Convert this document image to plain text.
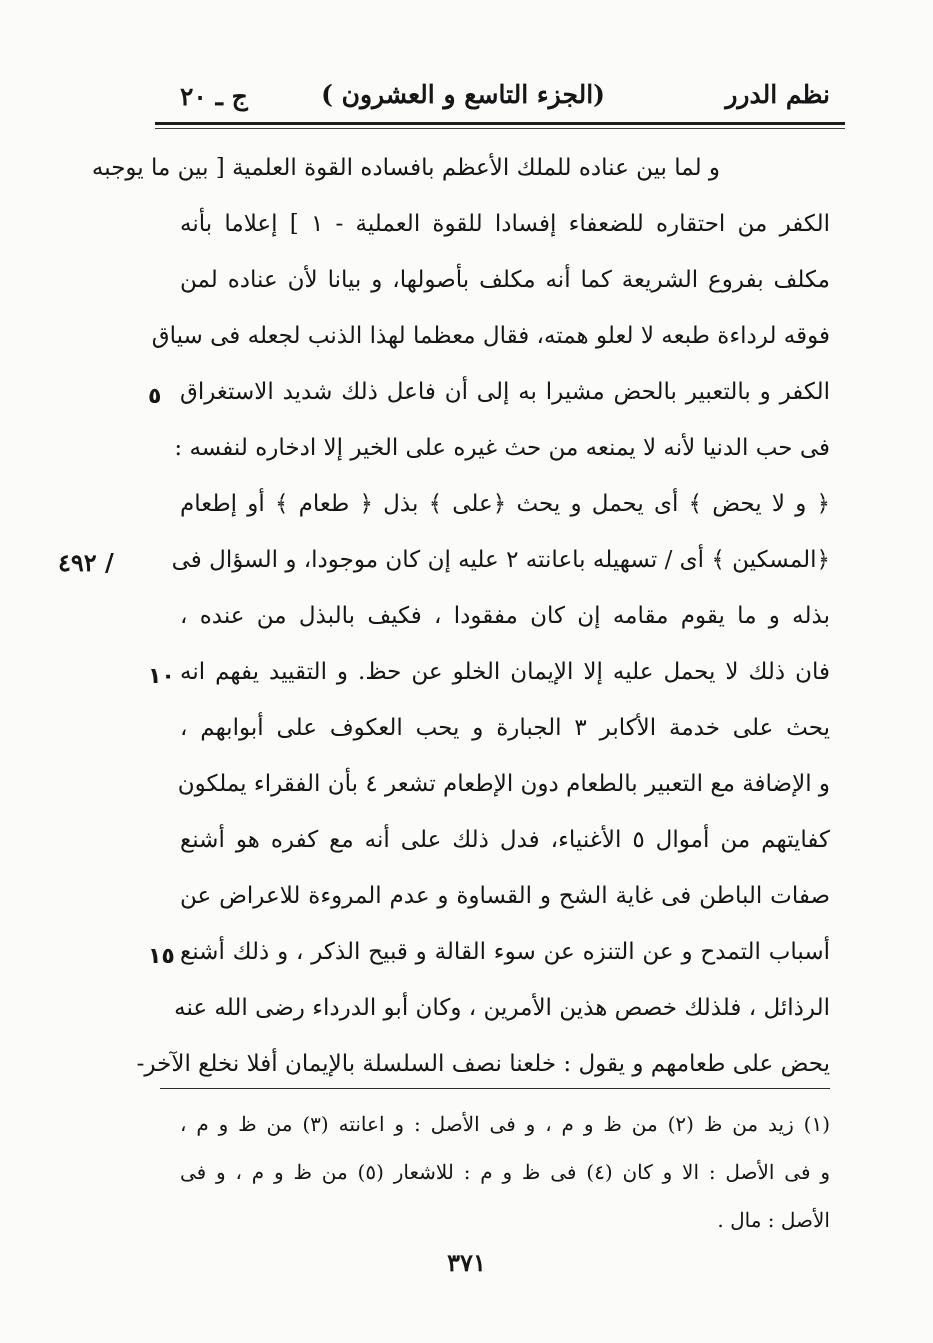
نظم الدرر
(الجزء التاسع و العشرون )
ج ـ ٢٠
و لما بين عناده للملك الأعظم بافساده القوة العلمية [ بين ما يوجبه
الكفر من احتقاره للضعفاء إفسادا للقوة العملية - ١ ] إعلاما بأنه
مكلف بفروع الشريعة كما أنه مكلف بأصولها، و بيانا لأن عناده لمن
فوقه لرداءة طبعه لا لعلو همته، فقال معظما لهذا الذنب لجعله فى سياق
الكفر و بالتعبير بالحض مشيرا به إلى أن فاعل ذلك شديد الاستغراق
فى حب الدنيا لأنه لا يمنعه من حث غيره على الخير إلا ادخاره لنفسه :
﴿ و لا يحض ﴾ أى يحمل و يحث ﴿على ﴾ بذل ﴿ طعام ﴾ أو إطعام
﴿المسكين ﴾ أى / تسهيله باعانته ٢ عليه إن كان موجودا، و السؤال فى
بذله و ما يقوم مقامه إن كان مفقودا ، فكيف بالبذل من عنده ،
فان ذلك لا يحمل عليه إلا الإيمان الخلو عن حظ. و التقييد يفهم انه
يحث على خدمة الأكابر ٣ الجبارة و يحب العكوف على أبوابهم ،
و الإضافة مع التعبير بالطعام دون الإطعام تشعر ٤ بأن الفقراء يملكون
كفايتهم من أموال ٥ الأغنياء، فدل ذلك على أنه مع كفره هو أشنع
صفات الباطن فى غاية الشح و القساوة و عدم المروءة للاعراض عن
أسباب التمدح و عن التنزه عن سوء القالة و قبيح الذكر ، و ذلك أشنع
الرذائل ، فلذلك خصص هذين الأمرين ، وكان أبو الدرداء رضى الله عنه
يحض على طعامهم و يقول : خلعنا نصف السلسلة بالإيمان أفلا نخلع الآخر-
٥
١٠
١٥
/ ٤٩٢
(١) زيد من ظ (٢) من ظ و م ، و فى الأصل : و اعانته (٣) من ظ و م ،
و فى الأصل : الا و كان (٤) فى ظ و م : للاشعار (٥) من ظ و م ، و فى
الأصل : مال .
٣٧١
